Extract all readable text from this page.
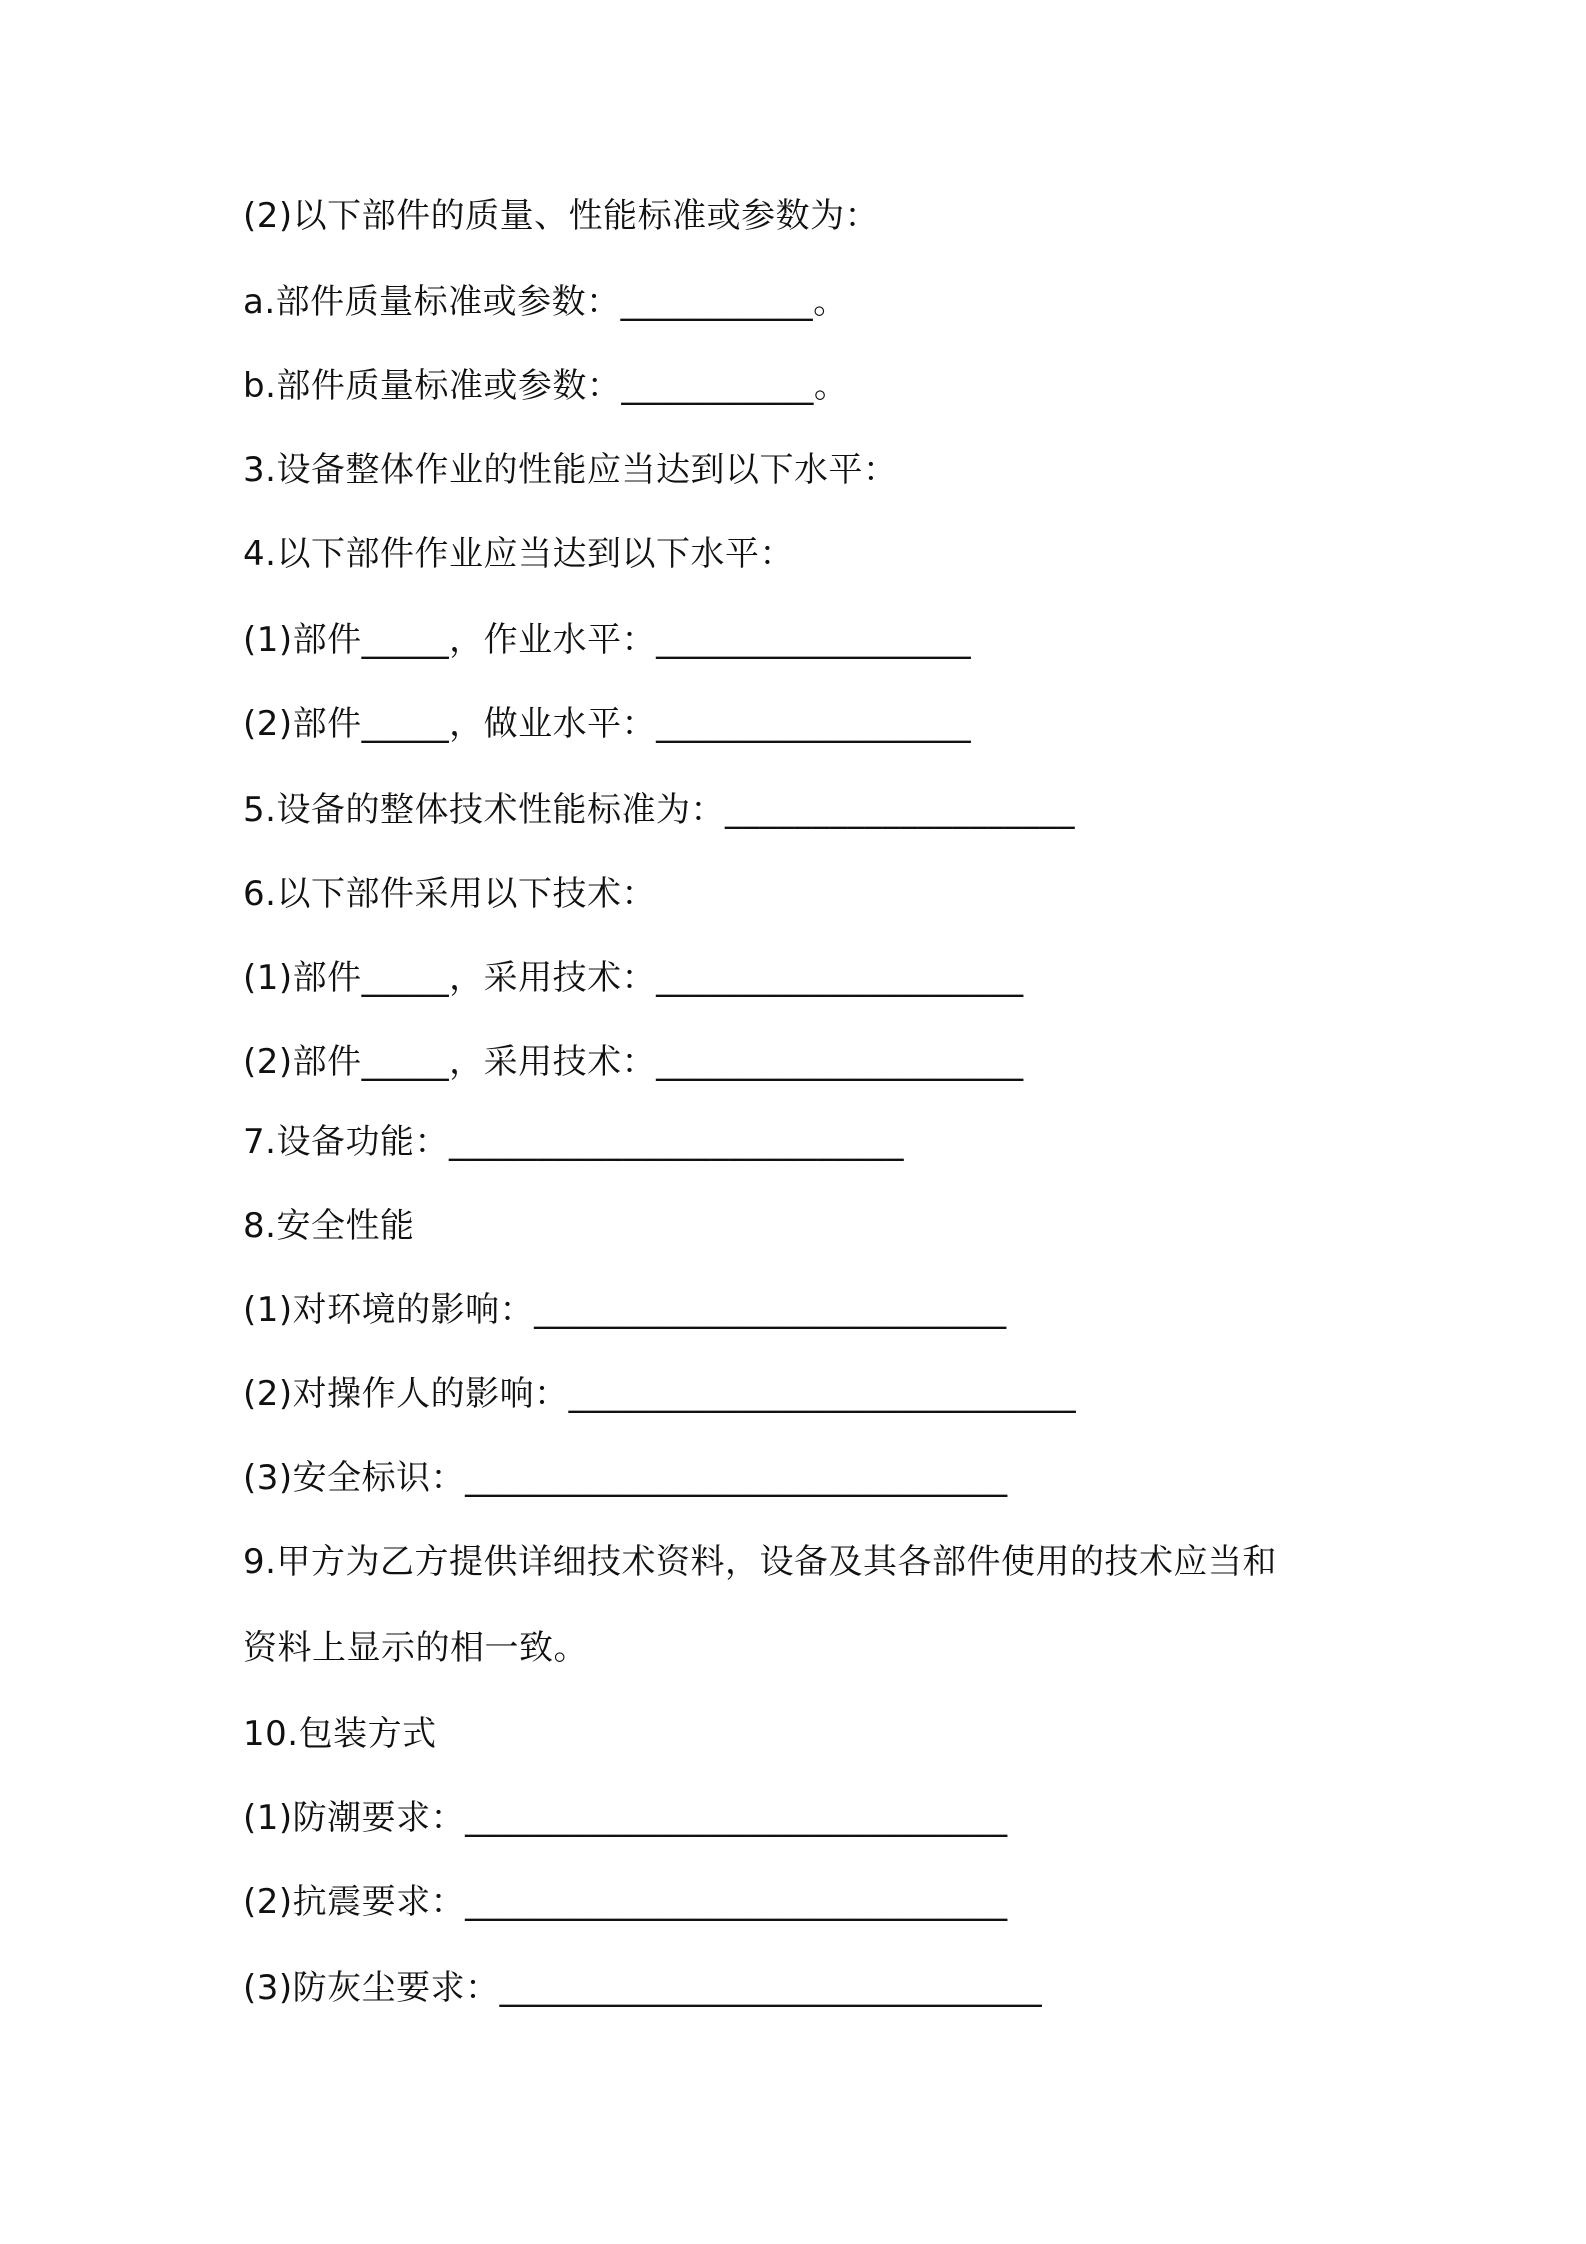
(2)以下部件的质量、性能标准或参数为：
a.部件质量标准或参数：___________。
b.部件质量标准或参数：___________。
3.设备整体作业的性能应当达到以下水平：
4.以下部件作业应当达到以下水平：
(1)部件_____，作业水平：__________________
(2)部件_____，做业水平：__________________
5.设备的整体技术性能标准为：____________________
6.以下部件采用以下技术：
(1)部件_____，采用技术：_____________________
(2)部件_____，采用技术：_____________________
7.设备功能：__________________________
8.安全性能
(1)对环境的影响：___________________________
(2)对操作人的影响：_____________________________
(3)安全标识：_______________________________
9.甲方为乙方提供详细技术资料，设备及其各部件使用的技术应当和
资料上显示的相一致。
10.包装方式
(1)防潮要求：_______________________________
(2)抗震要求：_______________________________
(3)防灰尘要求：_______________________________
